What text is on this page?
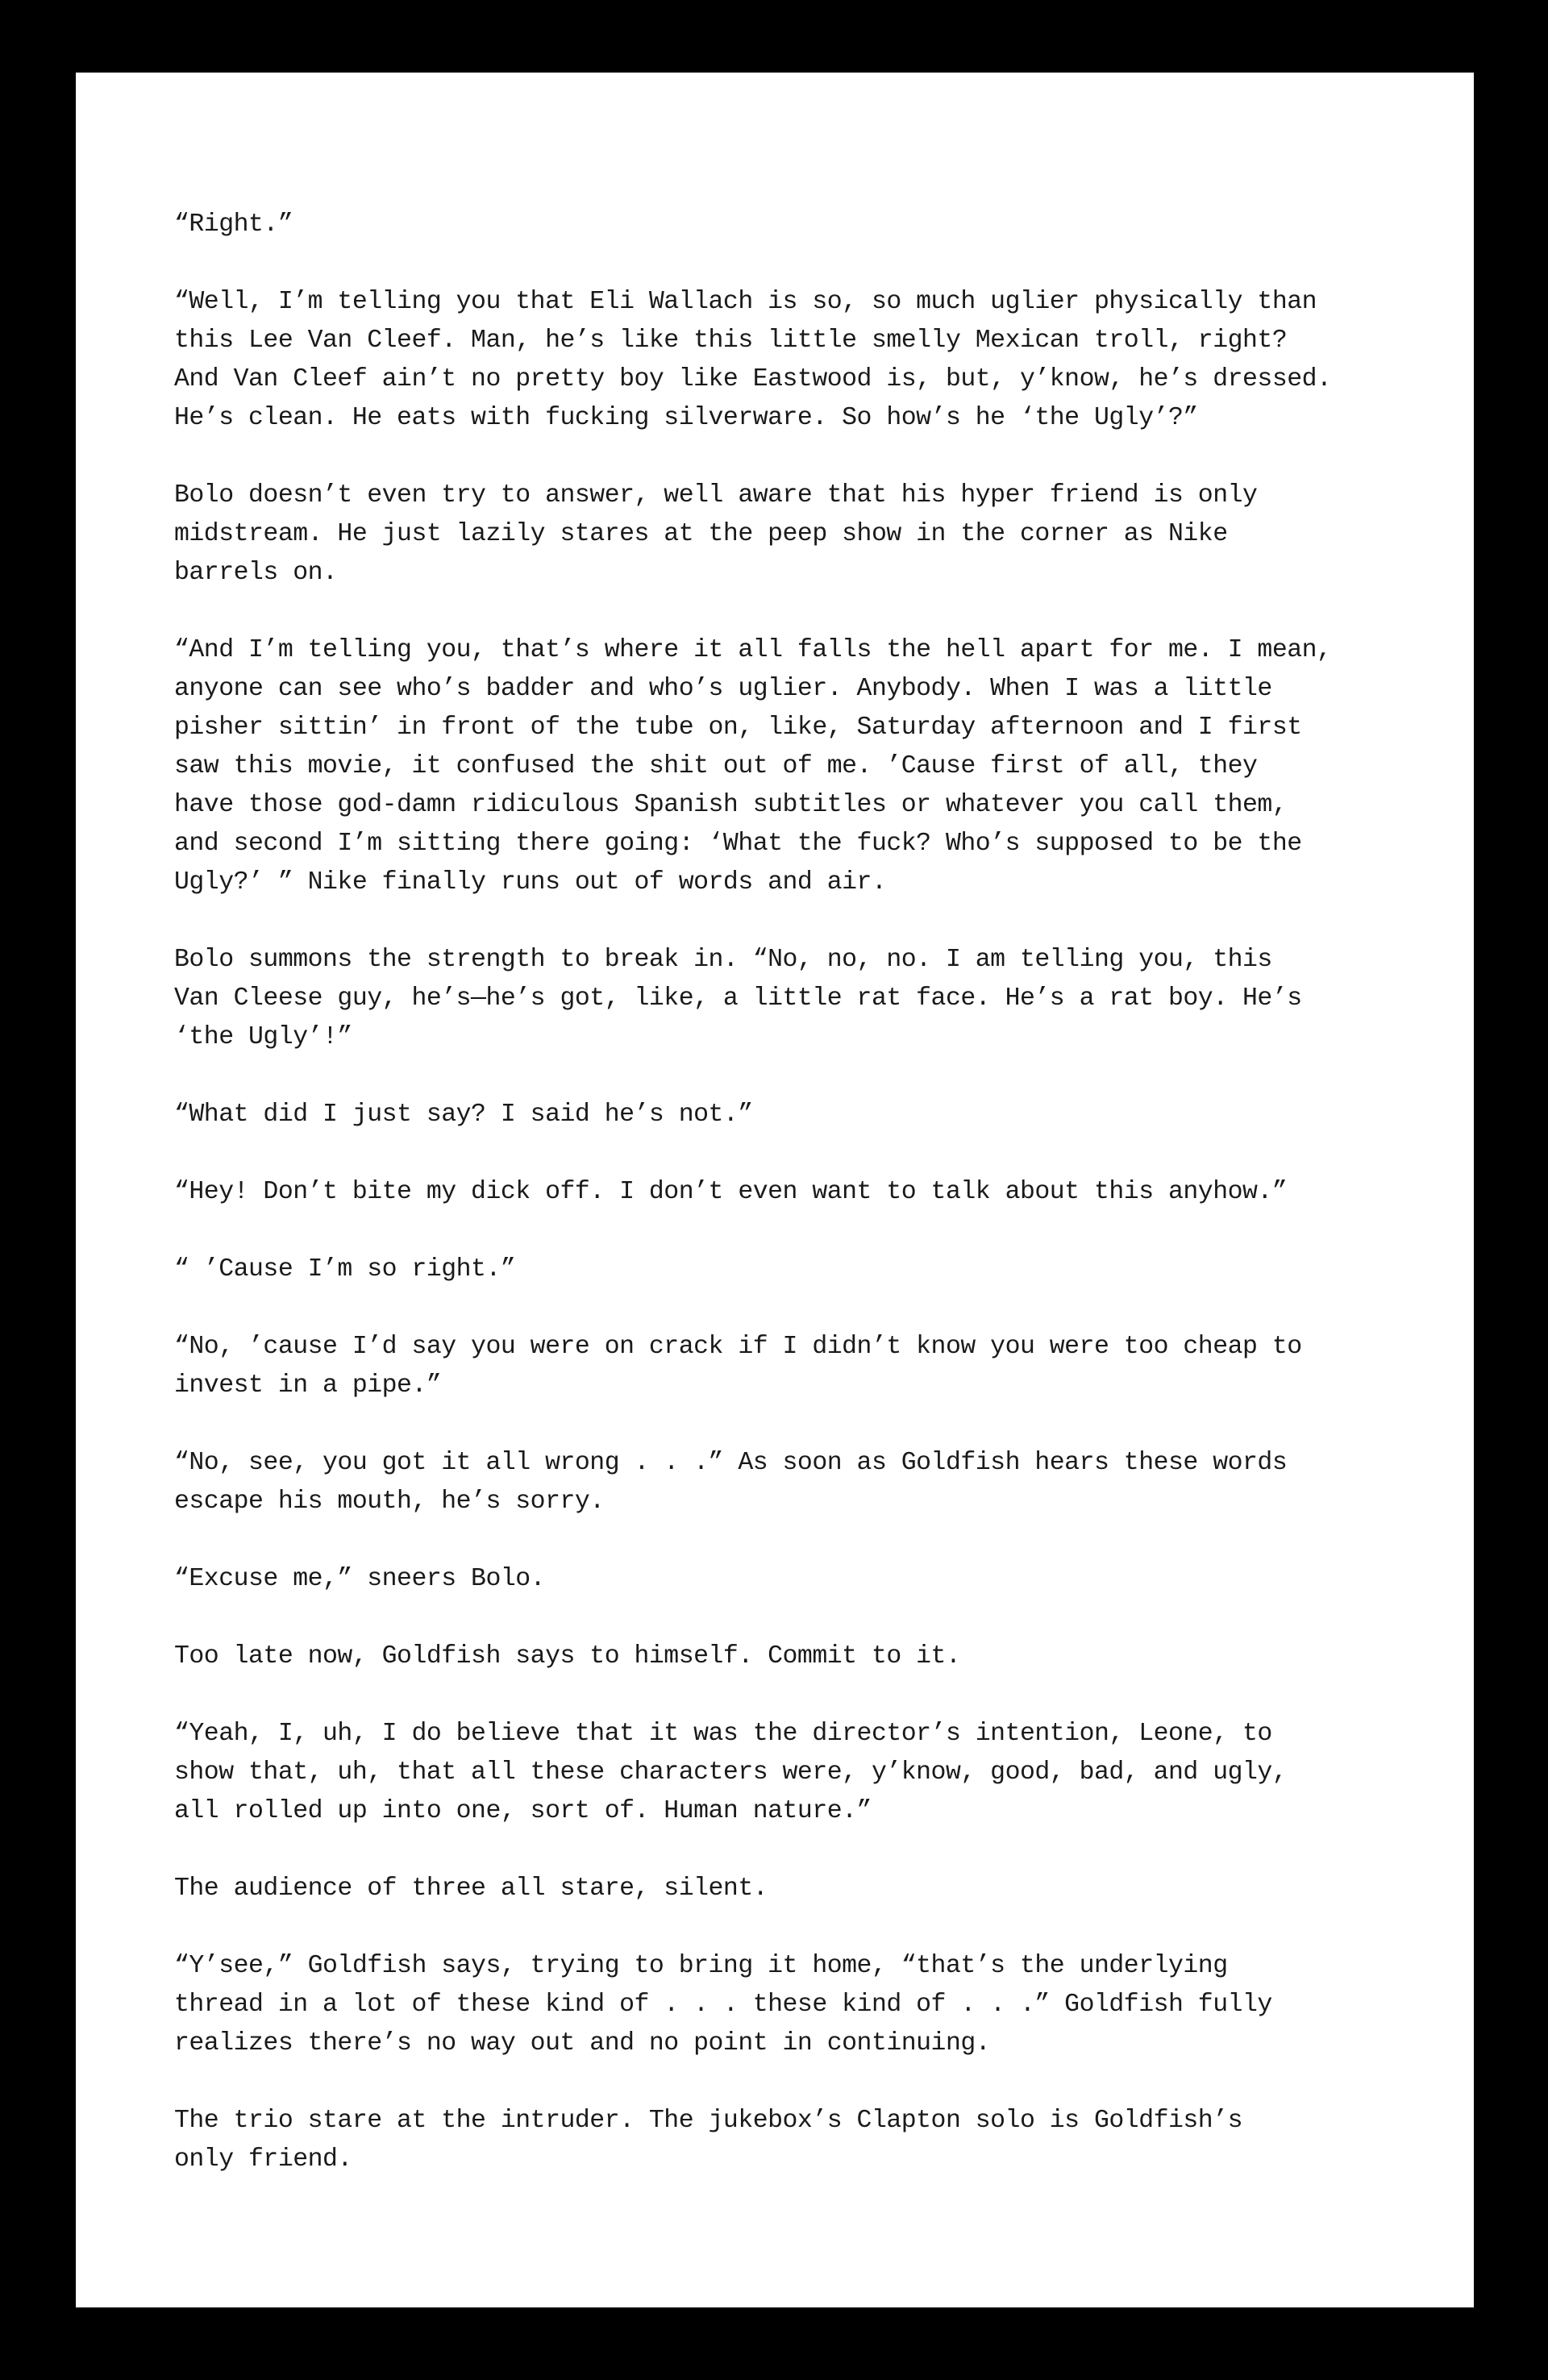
“Right.”

“Well, I’m telling you that Eli Wallach is so, so much uglier physically than
this Lee Van Cleef. Man, he’s like this little smelly Mexican troll, right?
And Van Cleef ain’t no pretty boy like Eastwood is, but, y’know, he’s dressed.
He’s clean. He eats with fucking silverware. So how’s he ‘the Ugly’?”

Bolo doesn’t even try to answer, well aware that his hyper friend is only
midstream. He just lazily stares at the peep show in the corner as Nike
barrels on.

“And I’m telling you, that’s where it all falls the hell apart for me. I mean,
anyone can see who’s badder and who’s uglier. Anybody. When I was a little
pisher sittin’ in front of the tube on, like, Saturday afternoon and I first
saw this movie, it confused the shit out of me. ’Cause first of all, they
have those god-damn ridiculous Spanish subtitles or whatever you call them,
and second I’m sitting there going: ‘What the fuck? Who’s supposed to be the
Ugly?’ ” Nike finally runs out of words and air.

Bolo summons the strength to break in. “No, no, no. I am telling you, this
Van Cleese guy, he’s—he’s got, like, a little rat face. He’s a rat boy. He’s
‘the Ugly’!”

“What did I just say? I said he’s not.”

“Hey! Don’t bite my dick off. I don’t even want to talk about this anyhow.”

“ ’Cause I’m so right.”

“No, ’cause I’d say you were on crack if I didn’t know you were too cheap to
invest in a pipe.”

“No, see, you got it all wrong . . .” As soon as Goldfish hears these words
escape his mouth, he’s sorry.

“Excuse me,” sneers Bolo.

Too late now, Goldfish says to himself. Commit to it.

“Yeah, I, uh, I do believe that it was the director’s intention, Leone, to
show that, uh, that all these characters were, y’know, good, bad, and ugly,
all rolled up into one, sort of. Human nature.”

The audience of three all stare, silent.

“Y’see,” Goldfish says, trying to bring it home, “that’s the underlying
thread in a lot of these kind of . . . these kind of . . .” Goldfish fully
realizes there’s no way out and no point in continuing.

The trio stare at the intruder. The jukebox’s Clapton solo is Goldfish’s
only friend.
